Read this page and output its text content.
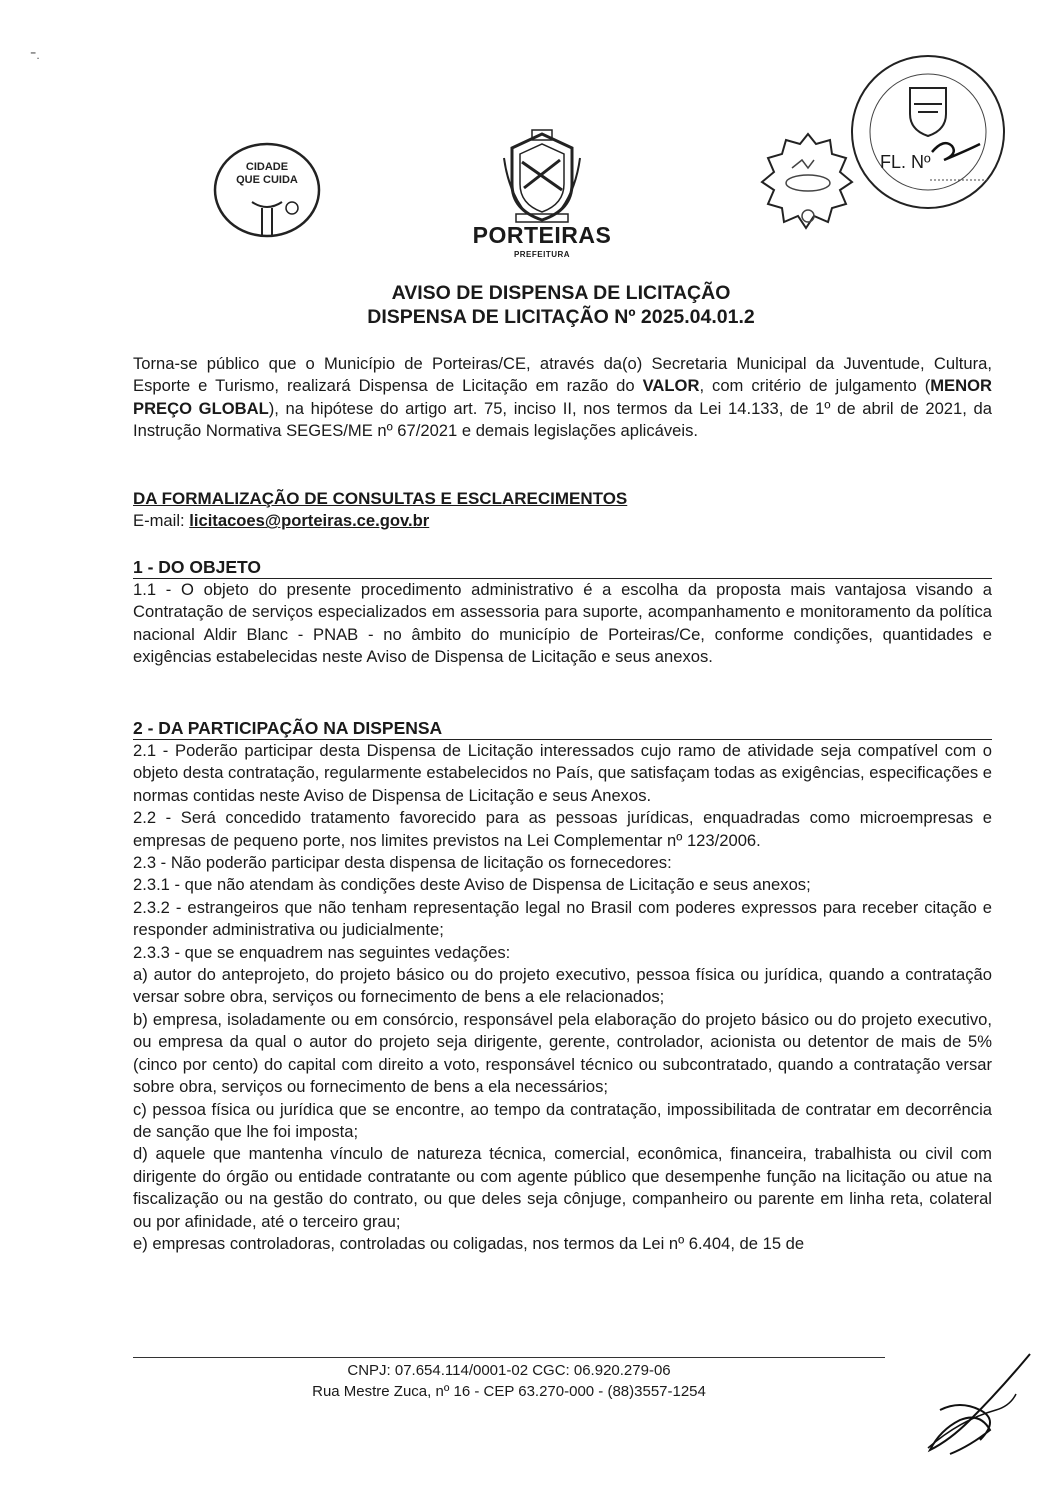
⁼.
CIDADE
QUE CUIDA
PORTEIRAS
PREFEITURA
FL. Nº
AVISO DE DISPENSA DE LICITAÇÃO
DISPENSA DE LICITAÇÃO Nº 2025.04.01.2
Torna-se público que o Município de Porteiras/CE, através da(o) Secretaria Municipal da Juventude, Cultura, Esporte e Turismo, realizará Dispensa de Licitação em razão do VALOR, com critério de julgamento (MENOR PREÇO GLOBAL), na hipótese do artigo art. 75, inciso II, nos termos da Lei 14.133, de 1º de abril de 2021, da Instrução Normativa SEGES/ME nº 67/2021 e demais legislações aplicáveis.
DA FORMALIZAÇÃO DE CONSULTAS E ESCLARECIMENTOS
E-mail: licitacoes@porteiras.ce.gov.br
1 - DO OBJETO

1.1 - O objeto do presente procedimento administrativo é a escolha da proposta mais vantajosa visando a Contratação de serviços especializados em assessoria para suporte, acompanhamento e monitoramento da política nacional Aldir Blanc - PNAB - no âmbito do município de Porteiras/Ce, conforme condições, quantidades e exigências estabelecidas neste Aviso de Dispensa de Licitação e seus anexos.

2 - DA PARTICIPAÇÃO NA DISPENSA

2.1 - Poderão participar desta Dispensa de Licitação interessados cujo ramo de atividade seja compatível com o objeto desta contratação, regularmente estabelecidos no País, que satisfaçam todas as exigências, especificações e normas contidas neste Aviso de Dispensa de Licitação e seus Anexos.

2.2 - Será concedido tratamento favorecido para as pessoas jurídicas, enquadradas como microempresas e empresas de pequeno porte, nos limites previstos na Lei Complementar nº 123/2006.

2.3 - Não poderão participar desta dispensa de licitação os fornecedores:

2.3.1 - que não atendam às condições deste Aviso de Dispensa de Licitação e seus anexos;

2.3.2 - estrangeiros que não tenham representação legal no Brasil com poderes expressos para receber citação e responder administrativa ou judicialmente;

2.3.3 - que se enquadrem nas seguintes vedações:

a) autor do anteprojeto, do projeto básico ou do projeto executivo, pessoa física ou jurídica, quando a contratação versar sobre obra, serviços ou fornecimento de bens a ele relacionados;

b) empresa, isoladamente ou em consórcio, responsável pela elaboração do projeto básico ou do projeto executivo, ou empresa da qual o autor do projeto seja dirigente, gerente, controlador, acionista ou detentor de mais de 5% (cinco por cento) do capital com direito a voto, responsável técnico ou subcontratado, quando a contratação versar sobre obra, serviços ou fornecimento de bens a ela necessários;

c) pessoa física ou jurídica que se encontre, ao tempo da contratação, impossibilitada de contratar em decorrência de sanção que lhe foi imposta;

d) aquele que mantenha vínculo de natureza técnica, comercial, econômica, financeira, trabalhista ou civil com dirigente do órgão ou entidade contratante ou com agente público que desempenhe função na licitação ou atue na fiscalização ou na gestão do contrato, ou que deles seja cônjuge, companheiro ou parente em linha reta, colateral ou por afinidade, até o terceiro grau;

e) empresas controladoras, controladas ou coligadas, nos termos da Lei nº 6.404, de 15 de

CNPJ: 07.654.114/0001-02 CGC: 06.920.279-06
Rua Mestre Zuca, nº 16 - CEP 63.270-000 - (88)3557-1254
